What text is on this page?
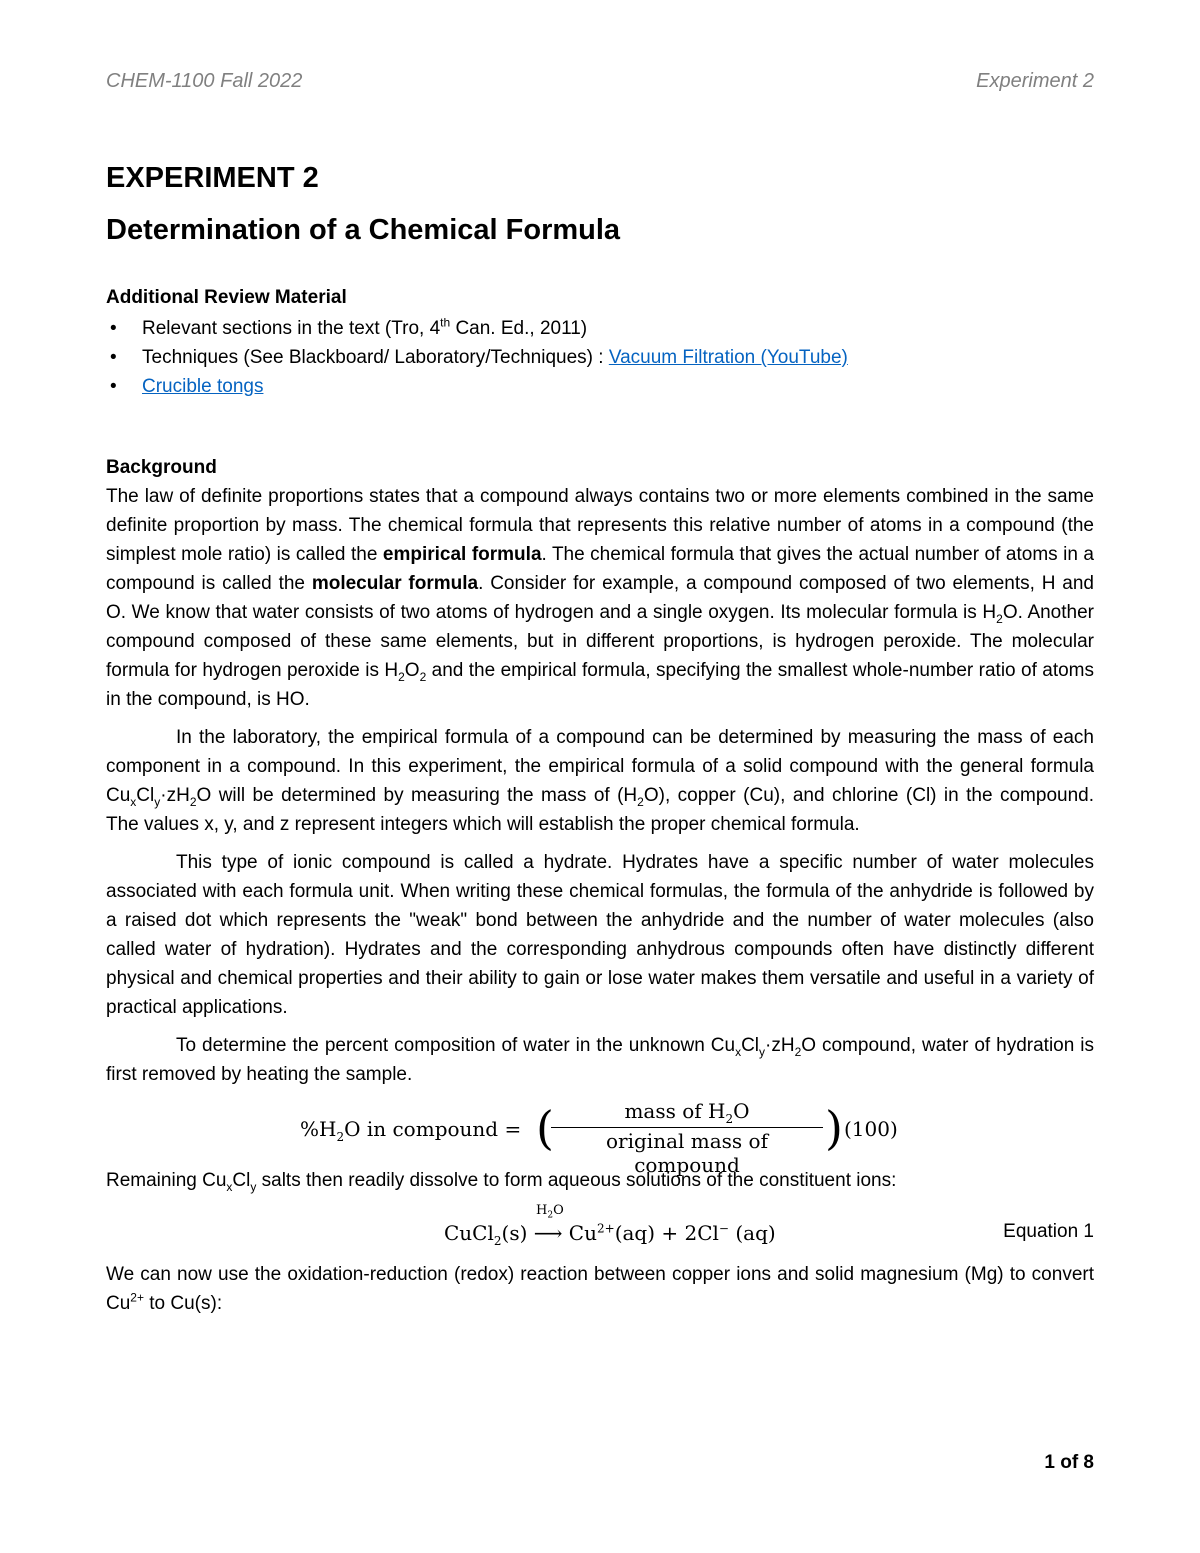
CHEM-1100 Fall 2022	Experiment 2
EXPERIMENT 2
Determination of a Chemical Formula
Additional Review Material
• Relevant sections in the text (Tro, 4th Can. Ed., 2011)
• Techniques (See Blackboard/ Laboratory/Techniques) : Vacuum Filtration (YouTube)
• Crucible tongs
Background

The law of definite proportions states that a compound always contains two or more elements combined in the same definite proportion by mass. The chemical formula that represents this relative number of atoms in a compound (the simplest mole ratio) is called the empirical formula. The chemical formula that gives the actual number of atoms in a compound is called the molecular formula. Consider for example, a compound composed of two elements, H and O. We know that water consists of two atoms of hydrogen and a single oxygen. Its molecular formula is $H_2O$. Another compound composed of these same elements, but in different proportions, is hydrogen peroxide. The molecular formula for hydrogen peroxide is $H_2O_2$ and the empirical formula, specifying the smallest whole-number ratio of atoms in the compound, is HO.

In the laboratory, the empirical formula of a compound can be determined by measuring the mass of each component in a compound. In this experiment, the empirical formula of a solid compound with the general formula $Cu_xCl_y\cdot zH_2O$ will be determined by measuring the mass of $(H_2O)$, copper (Cu), and chlorine (Cl) in the compound. The values x, y, and z represent integers which will establish the proper chemical formula.

This type of ionic compound is called a hydrate. Hydrates have a specific number of water molecules associated with each formula unit. When writing these chemical formulas, the formula of the anhydride is followed by a raised dot which represents the "weak" bond between the anhydride and the number of water molecules (also called water of hydration). Hydrates and the corresponding anhydrous compounds often have distinctly different physical and chemical properties and their ability to gain or lose water makes them versatile and useful in a variety of practical applications.

To determine the percent composition of water in the unknown $Cu_xCl_y\cdot zH_2O$ compound, water of hydration is first removed by heating the sample.

$\%H_2O$ in compound = (	mass of $H_2O$
original mass of compound
) (100)

Remaining $Cu_xCl_y$ salts then readily dissolve to form aqueous solutions of the constituent ions:

$H_2O$
CuCl$_2$(s) ⟶ $Cu^{2+}(aq) + 2Cl^-$ (aq)	Equation 1

We can now use the oxidation-reduction (redox) reaction between copper ions and solid magnesium (Mg) to convert $Cu^{2+}$ to Cu(s):

1 of 8
